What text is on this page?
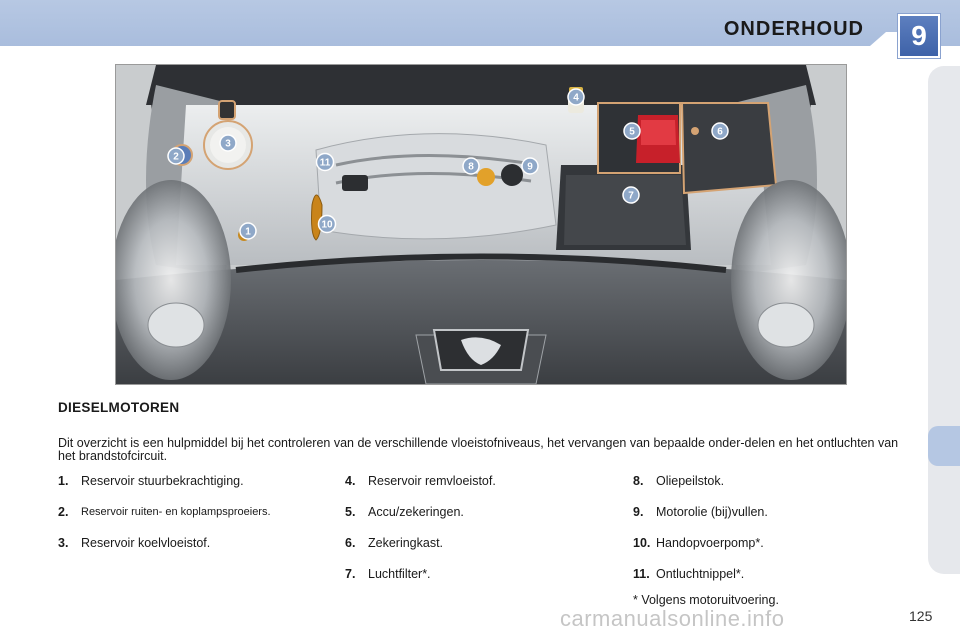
ONDERHOUD	9
1
2
3
4
5	6
7
8	9
10
11
DIESELMOTOREN
Dit overzicht is een hulpmiddel bij het controleren van de verschillende vloeistofniveaus, het vervangen van bepaalde onder-delen en het ontluchten van het brandstofcircuit.
1. Reservoir stuurbekrachtiging.
2. Reservoir ruiten- en koplampsproeiers.
3. Reservoir koelvloeistof.
4. Reservoir remvloeistof.
5. Accu/zekeringen.
6. Zekeringkast.
7. Luchtfilter*.
8. Oliepeilstok.
9. Motorolie (bij)vullen.
10. Handopvoerpomp*.
11. Ontluchtnippel*.
* Volgens motoruitvoering.
carmanualsonline.info	125
